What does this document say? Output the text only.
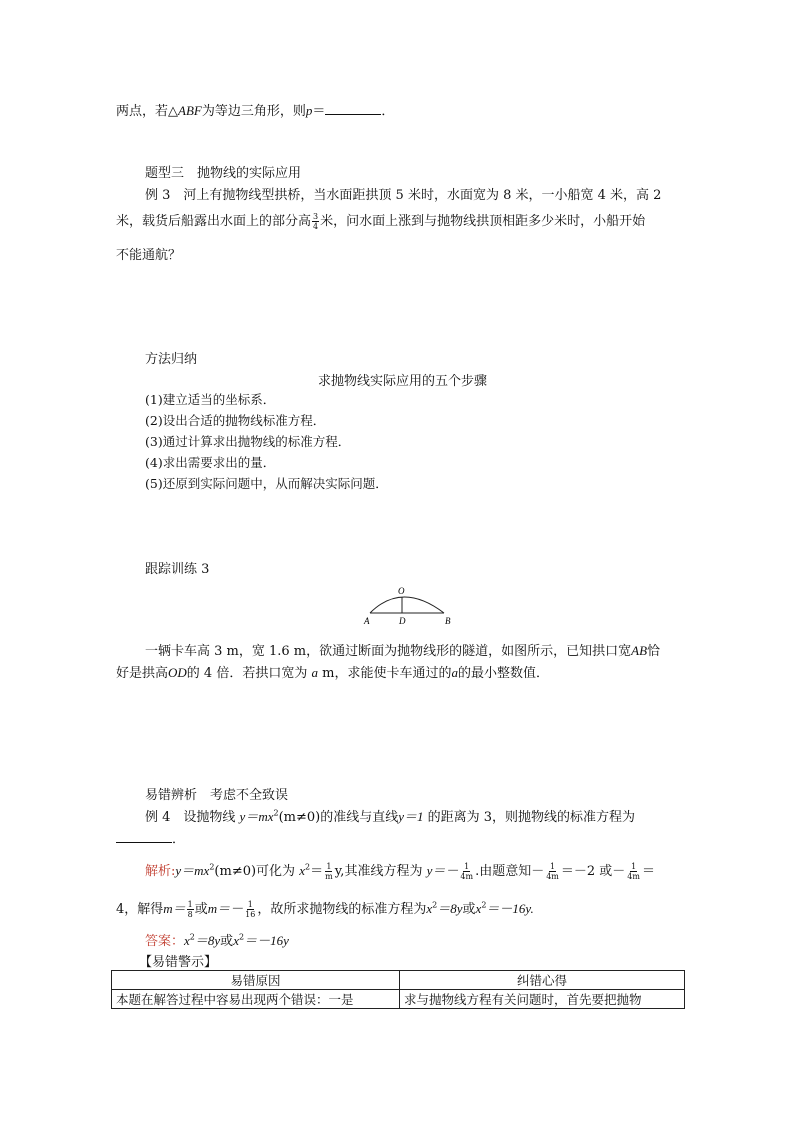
两点，若△ABF为等边三角形，则p＝	．
题型三　抛物线的实际应用
例 3　河上有抛物线型拱桥，当水面距拱顶 5 米时，水面宽为 8 米，一小船宽 4 米，高 2
米，载货后船露出水面上的部分高 $\frac{3}{4}$ 米，问水面上涨到与抛物线拱顶相距多少米时，小船开始
不能通航？
方法归纳
求抛物线实际应用的五个步骤
(1)建立适当的坐标系．
(2)设出合适的抛物线标准方程．
(3)通过计算求出抛物线的标准方程．
(4)求出需要求出的量．
(5)还原到实际问题中，从而解决实际问题．
跟踪训练 3
O
A	D	B
一辆卡车高 3 m，宽 1.6 m，欲通过断面为抛物线形的隧道，如图所示，已知拱口宽AB恰
好是拱高OD的 4 倍．若拱口宽为 a m，求能使卡车通过的a的最小整数值．
易错辨析　考虑不全致误
例 4　设抛物线 $y=mx^2(m\ne 0)$的准线与直线y＝1 的距离为 3，则抛物线的标准方程为
．
解析$:y=mx^2(m\ne 0)$可化为 $x^2= \frac{1}{m} y$,其准线方程为 $y=- \frac{1}{4m}$ .由题意知－ $\frac{1}{4m} =-2$ 或－ $\frac{1}{4m}$ ＝
4，解得$m= \frac{1}{8}$ 或$m=- \frac{1}{16}$ ，故所求抛物线的标准方程为$x^2=8y$或$x^2=-16y$.
答案：$x^2=8y$或$x^2=-16y$
【易错警示】
易错原因	纠错心得
本题在解答过程中容易出现两个错误：一是	求与抛物线方程有关问题时，首先要把抛物
